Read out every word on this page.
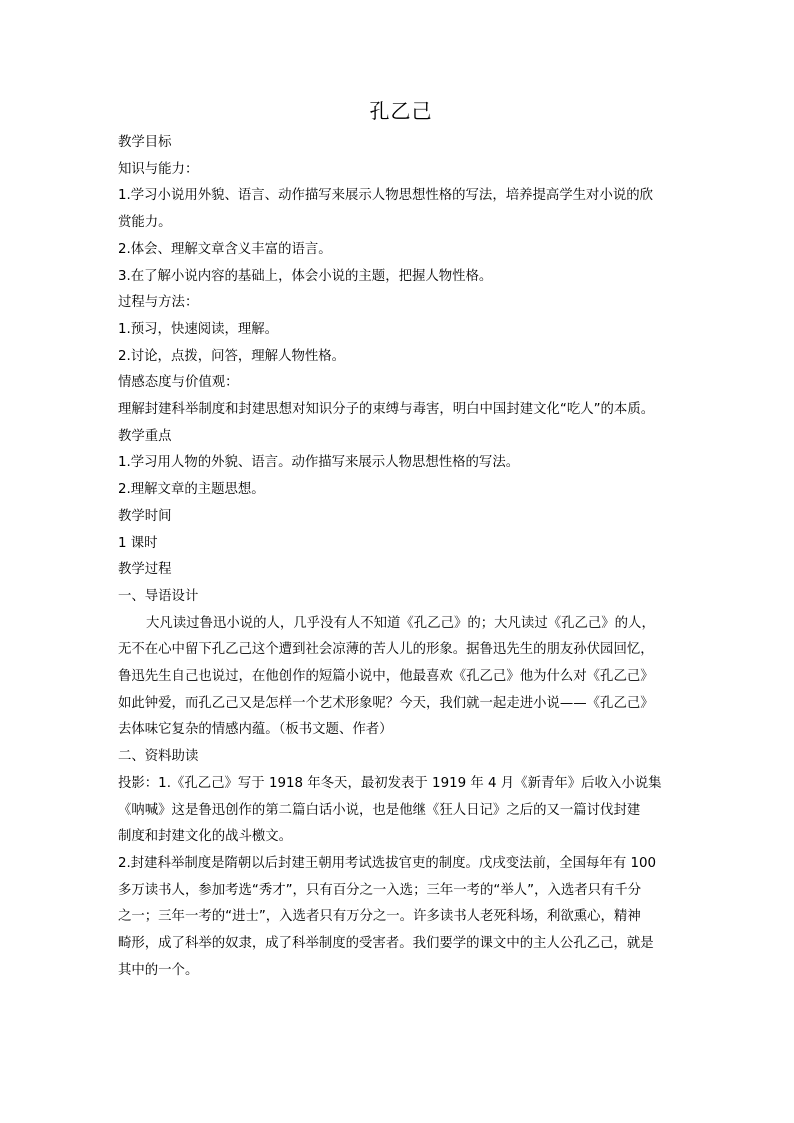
孔乙己
教学目标
知识与能力：
1.学习小说用外貌、语言、动作描写来展示人物思想性格的写法，培养提高学生对小说的欣
赏能力。
2.体会、理解文章含义丰富的语言。
3.在了解小说内容的基础上，体会小说的主题，把握人物性格。
过程与方法：
1.预习，快速阅读，理解。
2.讨论，点拨，问答，理解人物性格。
情感态度与价值观：
理解封建科举制度和封建思想对知识分子的束缚与毒害，明白中国封建文化“吃人”的本质。
教学重点
1.学习用人物的外貌、语言。动作描写来展示人物思想性格的写法。
2.理解文章的主题思想。
教学时间
1 课时
教学过程
一、导语设计
大凡读过鲁迅小说的人，几乎没有人不知道《孔乙己》的；大凡读过《孔乙己》的人，
无不在心中留下孔乙己这个遭到社会凉薄的苦人儿的形象。据鲁迅先生的朋友孙伏园回忆，
鲁迅先生自己也说过，在他创作的短篇小说中，他最喜欢《孔乙己》他为什么对《孔乙己》
如此钟爱，而孔乙己又是怎样一个艺术形象呢？今天，我们就一起走进小说——《孔乙己》
去体味它复杂的情感内蕴。（板书文题、作者）
二、资料助读
投影：1.《孔乙己》写于 1918 年冬天，最初发表于 1919 年 4 月《新青年》后收入小说集
《呐喊》这是鲁迅创作的第二篇白话小说，也是他继《狂人日记》之后的又一篇讨伐封建
制度和封建文化的战斗檄文。
2.封建科举制度是隋朝以后封建王朝用考试选拔官吏的制度。戊戌变法前，全国每年有 100
多万读书人，参加考选“秀才”，只有百分之一入选；三年一考的“举人”，入选者只有千分
之一；三年一考的“进士”，入选者只有万分之一。许多读书人老死科场，利欲熏心，精神
畸形，成了科举的奴隶，成了科举制度的受害者。我们要学的课文中的主人公孔乙己，就是
其中的一个。
